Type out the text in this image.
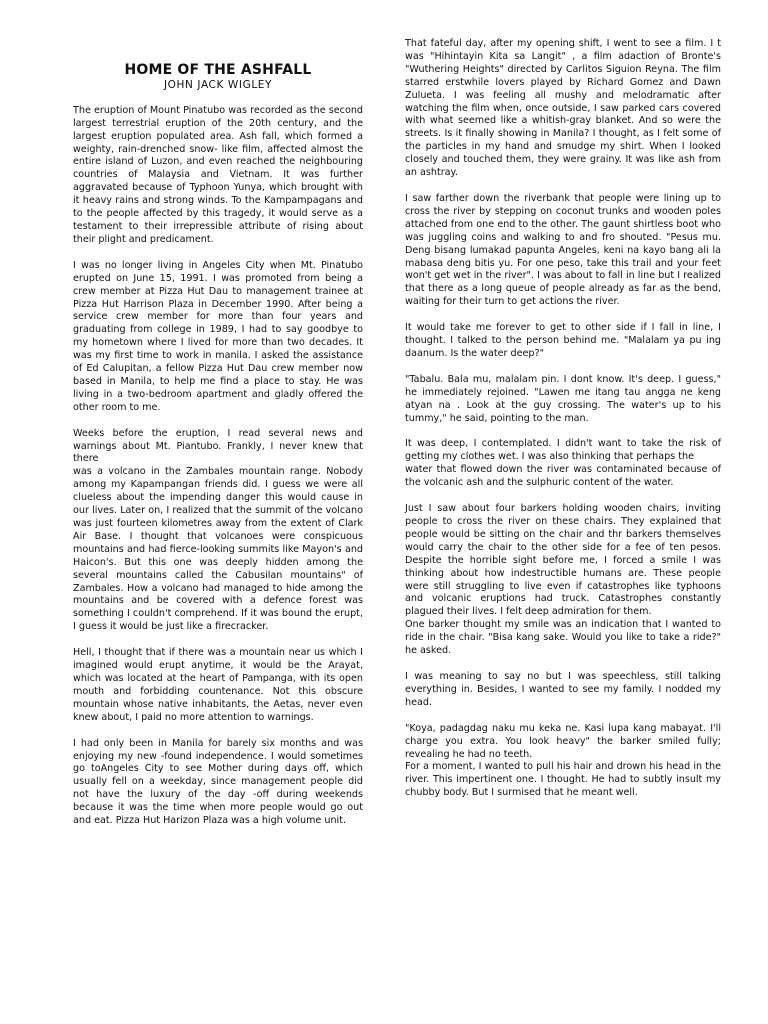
HOME OF THE ASHFALL
JOHN JACK WIGLEY

The eruption of Mount Pinatubo was recorded as the second largest terrestrial eruption of the 20th century, and the largest eruption populated area. Ash fall, which formed a weighty, rain-drenched snow- like film, affected almost the entire island of Luzon, and even reached the neighbouring countries of Malaysia and Vietnam. It was further aggravated because of Typhoon Yunya, which brought with it heavy rains and strong winds. To the Kampampagans and to the people affected by this tragedy, it would serve as a testament to their irrepressible attribute of rising about their plight and predicament.

I was no longer living in Angeles City when Mt. Pinatubo erupted on June 15, 1991. I was promoted from being a crew member at Pizza Hut Dau to management trainee at Pizza Hut Harrison Plaza in December 1990. After being a service crew member for more than four years and graduating from college in 1989, I had to say goodbye to my hometown where I lived for more than two decades. It was my first time to work in manila. I asked the assistance of Ed Calupitan, a fellow Pizza Hut Dau crew member now based in Manila, to help me find a place to stay. He was living in a two-bedroom apartment and gladly offered the other room to me.

Weeks before the eruption, I read several news and warnings about Mt. Piantubo. Frankly, I never knew that there
was a volcano in the Zambales mountain range. Nobody among my Kapampangan friends did. I guess we were all clueless about the impending danger this would cause in our lives. Later on, I realized that the summit of the volcano was just fourteen kilometres away from the extent of Clark Air Base. I thought that volcanoes were conspicuous mountains and had fierce-looking summits like Mayon's and Haicon's. But this one was deeply hidden among the several mountains called the Cabusilan mountains" of Zambales. How a volcano had managed to hide among the mountains and be covered with a defence forest was something I couldn't comprehend. If it was bound the erupt, I guess it would be just like a firecracker.

Hell, I thought that if there was a mountain near us which I imagined would erupt anytime, it would be the Arayat, which was located at the heart of Pampanga, with its open mouth and forbidding countenance. Not this obscure mountain whose native inhabitants, the Aetas, never even knew about, I paid no more attention to warnings.

I had only been in Manila for barely six months and was enjoying my new -found independence. I would sometimes go toAngeles City to see Mother during days off, which usually fell on a weekday, since management people did not have the luxury of the day -off during weekends because it was the time when more people would go out and eat. Pizza Hut Harizon Plaza was a high volume unit.

That fateful day, after my opening shift, I went to see a film. I t was "Hihintayin Kita sa Langit" , a film adaction of Bronte's "Wuthering Heights" directed by Carlitos Siguion Reyna. The film starred erstwhile lovers played by Richard Gomez and Dawn Zulueta. I was feeling all mushy and melodramatic after watching the film when, once outside, I saw parked cars covered with what seemed like a whitish-gray blanket. And so were the streets. Is it finally showing in Manila? I thought, as I felt some of the particles in my hand and smudge my shirt. When I looked closely and touched them, they were grainy. It was like ash from an ashtray.

I saw farther down the riverbank that people were lining up to cross the river by stepping on coconut trunks and wooden poles attached from one end to the other. The gaunt shirtless boot who was juggling coins and walking to and fro shouted. "Pesus mu. Deng bisang lumakad papunta Angeles, keni na kayo bang ali la mabasa deng bitis yu. For one peso, take this trail and your feet won't get wet in the river". I was about to fall in line but I realized that there as a long queue of people already as far as the bend, waiting for their turn to get actions the river.

It would take me forever to get to other side if I fall in line, I thought. I talked to the person behind me. "Malalam ya pu ing daanum. Is the water deep?"

"Tabalu. Bala mu, malalam pin. I dont know. It's deep. I guess," he immediately rejoined. "Lawen me itang tau angga ne keng atyan na . Look at the guy crossing. The water's up to his tummy," he said, pointing to the man.

It was deep, I contemplated. I didn't want to take the risk of getting my clothes wet. I was also thinking that perhaps the
water that flowed down the river was contaminated because of the volcanic ash and the sulphuric content of the water.

Just I saw about four barkers holding wooden chairs, inviting people to cross the river on these chairs. They explained that people would be sitting on the chair and thr barkers themselves would carry the chair to the other side for a fee of ten pesos. Despite the horrible sight before me, I forced a smile I was thinking about how indestructible humans are. These people were still struggling to live even if catastrophes like typhoons and volcanic eruptions had truck. Catastrophes constantly plagued their lives. I felt deep admiration for them.
One barker thought my smile was an indication that I wanted to ride in the chair. "Bisa kang sake. Would you like to take a ride?" he asked.

I was meaning to say no but I was speechless, still talking everything in. Besides, I wanted to see my family. I nodded my head.

"Koya, padagdag naku mu keka ne. Kasi lupa kang mabayat. I'll charge you extra. You look heavy" the barker smiled fully; revealing he had no teeth.
For a moment, I wanted to pull his hair and drown his head in the river. This impertinent one. I thought. He had to subtly insult my chubby body. But I surmised that he meant well.
